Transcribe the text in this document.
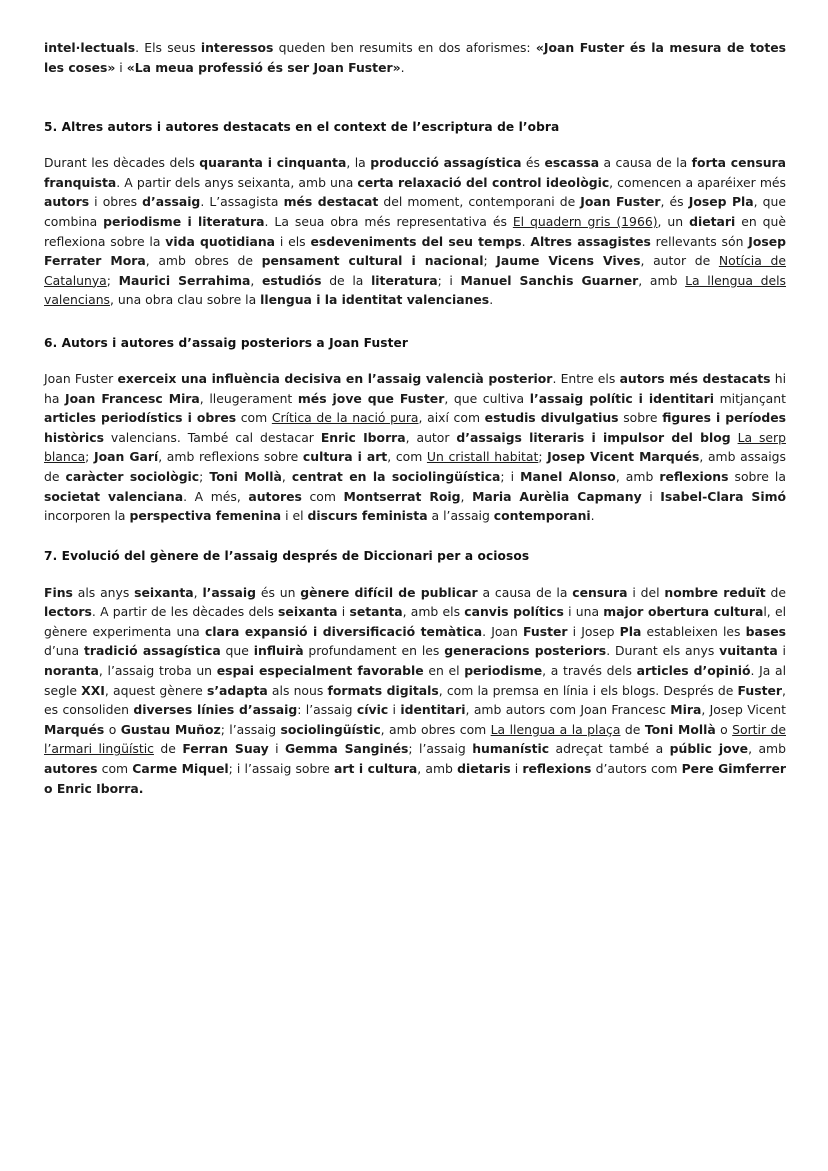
intel·lectuals. Els seus interessos queden ben resumits en dos aforismes: «Joan Fuster és la mesura de totes les coses» i «La meua professió és ser Joan Fuster».

5. Altres autors i autores destacats en el context de l’escriptura de l’obra

Durant les dècades dels quaranta i cinquanta, la producció assagística és escassa a causa de la forta censura franquista. A partir dels anys seixanta, amb una certa relaxació del control ideològic, comencen a aparéixer més autors i obres d’assaig. L’assagista més destacat del moment, contemporani de Joan Fuster, és Josep Pla, que combina periodisme i literatura. La seua obra més representativa és El quadern gris (1966), un dietari en què reflexiona sobre la vida quotidiana i els esdeveniments del seu temps. Altres assagistes rellevants són Josep Ferrater Mora, amb obres de pensament cultural i nacional; Jaume Vicens Vives, autor de Notícia de Catalunya; Maurici Serrahima, estudiós de la literatura; i Manuel Sanchis Guarner, amb La llengua dels valencians, una obra clau sobre la llengua i la identitat valencianes.

6. Autors i autores d’assaig posteriors a Joan Fuster

Joan Fuster exerceix una influència decisiva en l’assaig valencià posterior. Entre els autors més destacats hi ha Joan Francesc Mira, lleugerament més jove que Fuster, que cultiva l’assaig polític i identitari mitjançant articles periodístics i obres com Crítica de la nació pura, així com estudis divulgatius sobre figures i períodes històrics valencians. També cal destacar Enric Iborra, autor d’assaigs literaris i impulsor del blog La serp blanca; Joan Garí, amb reflexions sobre cultura i art, com Un cristall habitat; Josep Vicent Marqués, amb assaigs de caràcter sociològic; Toni Mollà, centrat en la sociolingüística; i Manel Alonso, amb reflexions sobre la societat valenciana. A més, autores com Montserrat Roig, Maria Aurèlia Capmany i Isabel-Clara Simó incorporen la perspectiva femenina i el discurs feminista a l’assaig contemporani.

7. Evolució del gènere de l’assaig després de Diccionari per a ociosos

Fins als anys seixanta, l’assaig és un gènere difícil de publicar a causa de la censura i del nombre reduït de lectors. A partir de les dècades dels seixanta i setanta, amb els canvis polítics i una major obertura cultural, el gènere experimenta una clara expansió i diversificació temàtica. Joan Fuster i Josep Pla estableixen les bases d’una tradició assagística que influirà profundament en les generacions posteriors. Durant els anys vuitanta i noranta, l’assaig troba un espai especialment favorable en el periodisme, a través dels articles d’opinió. Ja al segle XXI, aquest gènere s’adapta als nous formats digitals, com la premsa en línia i els blogs. Després de Fuster, es consoliden diverses línies d’assaig: l’assaig cívic i identitari, amb autors com Joan Francesc Mira, Josep Vicent Marqués o Gustau Muñoz; l’assaig sociolingüístic, amb obres com La llengua a la plaça de Toni Mollà o Sortir de l’armari lingüístic de Ferran Suay i Gemma Sanginés; l’assaig humanístic adreçat també a públic jove, amb autores com Carme Miquel; i l’assaig sobre art i cultura, amb dietaris i reflexions d’autors com Pere Gimferrer o Enric Iborra.
